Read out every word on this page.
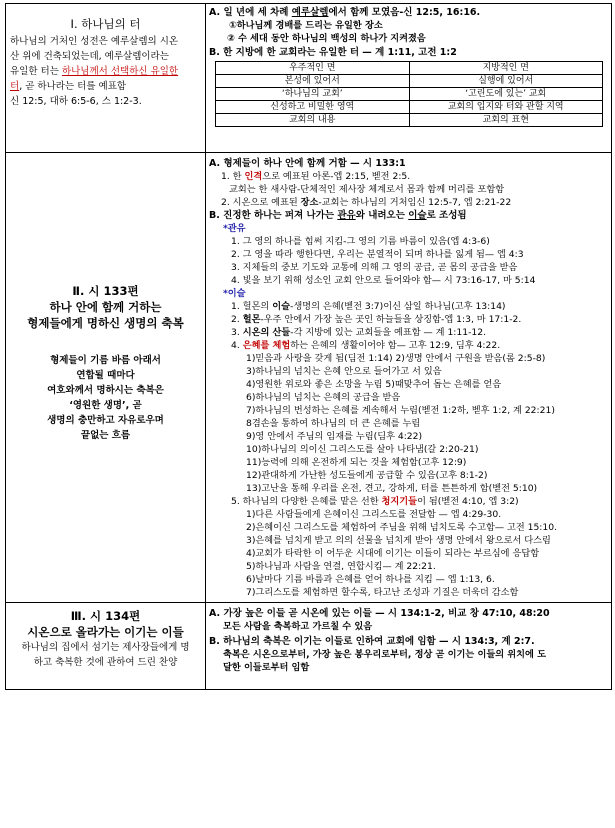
Ⅰ. 하나님의 터
하나님의 거처인 성전은 예루살렘의 시온
산 위에 건축되었는데, 예루살렘이라는
유일한 터는 하나님께서 선택하신 유일한
터, 곧 하나라는 터를 예표함
신 12:5, 대하 6:5-6, 스 1:2-3.

A. 일 년에 세 차례 예루살렘에서 함께 모였음-신 12:5, 16:16.
①하나님께 경배를 드리는 유일한 장소
② 수 세대 동안 하나님의 백성의 하나가 지켜졌음
B. 한 지방에 한 교회라는 유일한 터 — 계 1:11, 고전 1:2
우주적인 면	지방적인 면
본성에 있어서	실행에 있어서
‘하나님의 교회’	‘고린도에 있는’ 교회
신성하고 비밀한 영역	교회의 입지와 터와 관할 지역
교회의 내용	교회의 표현

Ⅱ. 시 133편
하나 안에 함께 거하는
형제들에게 명하신 생명의 축복
형제들이 기름 바름 아래서
연합될 때마다
여호와께서 명하시는 축복은
‘영원한 생명’, 곧
생명의 충만하고 자유로우며
끝없는 흐름

A. 형제들이 하나 안에 함께 거함 — 시 133:1
1. 한 인격으로 예표된 아론-엡 2:15, 벧전 2:5.
교회는 한 새사람-단체적인 제사장 체계로서 몸과 함께 머리를 포함함
2. 시온으로 예표된 장소-교회는 하나님의 거처임신 12:5-7, 엡 2:21-22
B. 진정한 하나는 퍼져 나가는 관유와 내려오는 이슬로 조성됨
*관유
1. 그 영의 하나를 힘써 지킴-그 영의 기름 바름이 있음(엡 4:3-6)
2. 그 영을 따라 행한다면, 우리는 분열적이 되며 하나를 잃게 됨— 엡 4:3
3. 지체들의 중보 기도와 교통에 의해 그 영의 공급, 곧 몸의 공급을 받음
4. 빛을 보기 위해 성소인 교회 안으로 들어와야 함— 시 73:16-17, 마 5:14
*이슬
1. 헐몬의 이슬-생명의 은혜(벧전 3:7)이신 삼일 하나님(고후 13:14)
2. 헐몬-우주 안에서 가장 높은 곳인 하늘들을 상징함-엡 1:3, 마 17:1-2.
3. 시온의 산들-각 지방에 있는 교회들을 예표함 — 계 1:11-12.
4. 은혜를 체험하는 은혜의 생활이어야 함— 고후 12:9, 딤후 4:22.
1)믿음과 사랑을 갖게 됨(딤전 1:14) 2)생명 안에서 구원을 받음(롬 2:5-8)
3)하나님의 넘치는 은혜 안으로 들어가고 서 있음
4)영원한 위로와 좋은 소망을 누림 5)때맞추어 돕는 은혜를 얻음
6)하나님의 넘치는 은혜의 공급을 받음
7)하나님의 번성하는 은혜를 계속해서 누림(벧전 1:2하, 벧후 1:2, 계 22:21)
8겸손을 통하여 하나님의 더 큰 은혜를 누림
9)영 안에서 주님의 임재를 누림(딤후 4:22)
10)하나님의 의이신 그리스도를 살아 나타냄(갈 2:20-21)
11)능력에 의해 온전하게 되는 것을 체험함(고후 12:9)
12)관대하게 가난한 성도들에게 공급할 수 있음(고후 8:1-2)
13)고난을 통해 우리를 온전, 견고, 강하게, 터를 튼튼하게 함(벧전 5:10)
5. 하나님의 다양한 은혜를 맡은 선한 청지기들이 됨(벧전 4:10, 엡 3:2)
1)다른 사람들에게 은혜이신 그리스도를 전달함 — 엡 4:29-30.
2)은혜이신 그리스도를 체험하여 주님을 위해 넘치도록 수고함— 고전 15:10.
3)은혜를 넘치게 받고 의의 선물을 넘치게 받아 생명 안에서 왕으로서 다스림
4)교회가 타락한 이 어두운 시대에 이기는 이들이 되라는 부르심에 응답함
5)하나님과 사람을 연결, 연합시킴— 계 22:21.
6)날마다 기름 바름과 은혜를 얻어 하나를 지킴 — 엡 1:13, 6.
7)그리스도를 체험하면 할수록, 타고난 조성과 기질은 더욱더 감소함

Ⅲ. 시 134편
시온으로 올라가는 이기는 이들
하나님의 집에서 섬기는 제사장들에게 명
하고 축복한 것에 관하여 드린 찬양

A. 가장 높은 이들 곧 시온에 있는 이들 — 시 134:1-2, 비교 창 47:10, 48:20
모든 사람을 축복하고 가르칠 수 있음
B. 하나님의 축복은 이기는 이들로 인하여 교회에 임함 — 시 134:3, 계 2:7.
축복은 시온으로부터, 가장 높은 봉우리로부터, 정상 곧 이기는 이들의 위치에 도
달한 이들로부터 임함
